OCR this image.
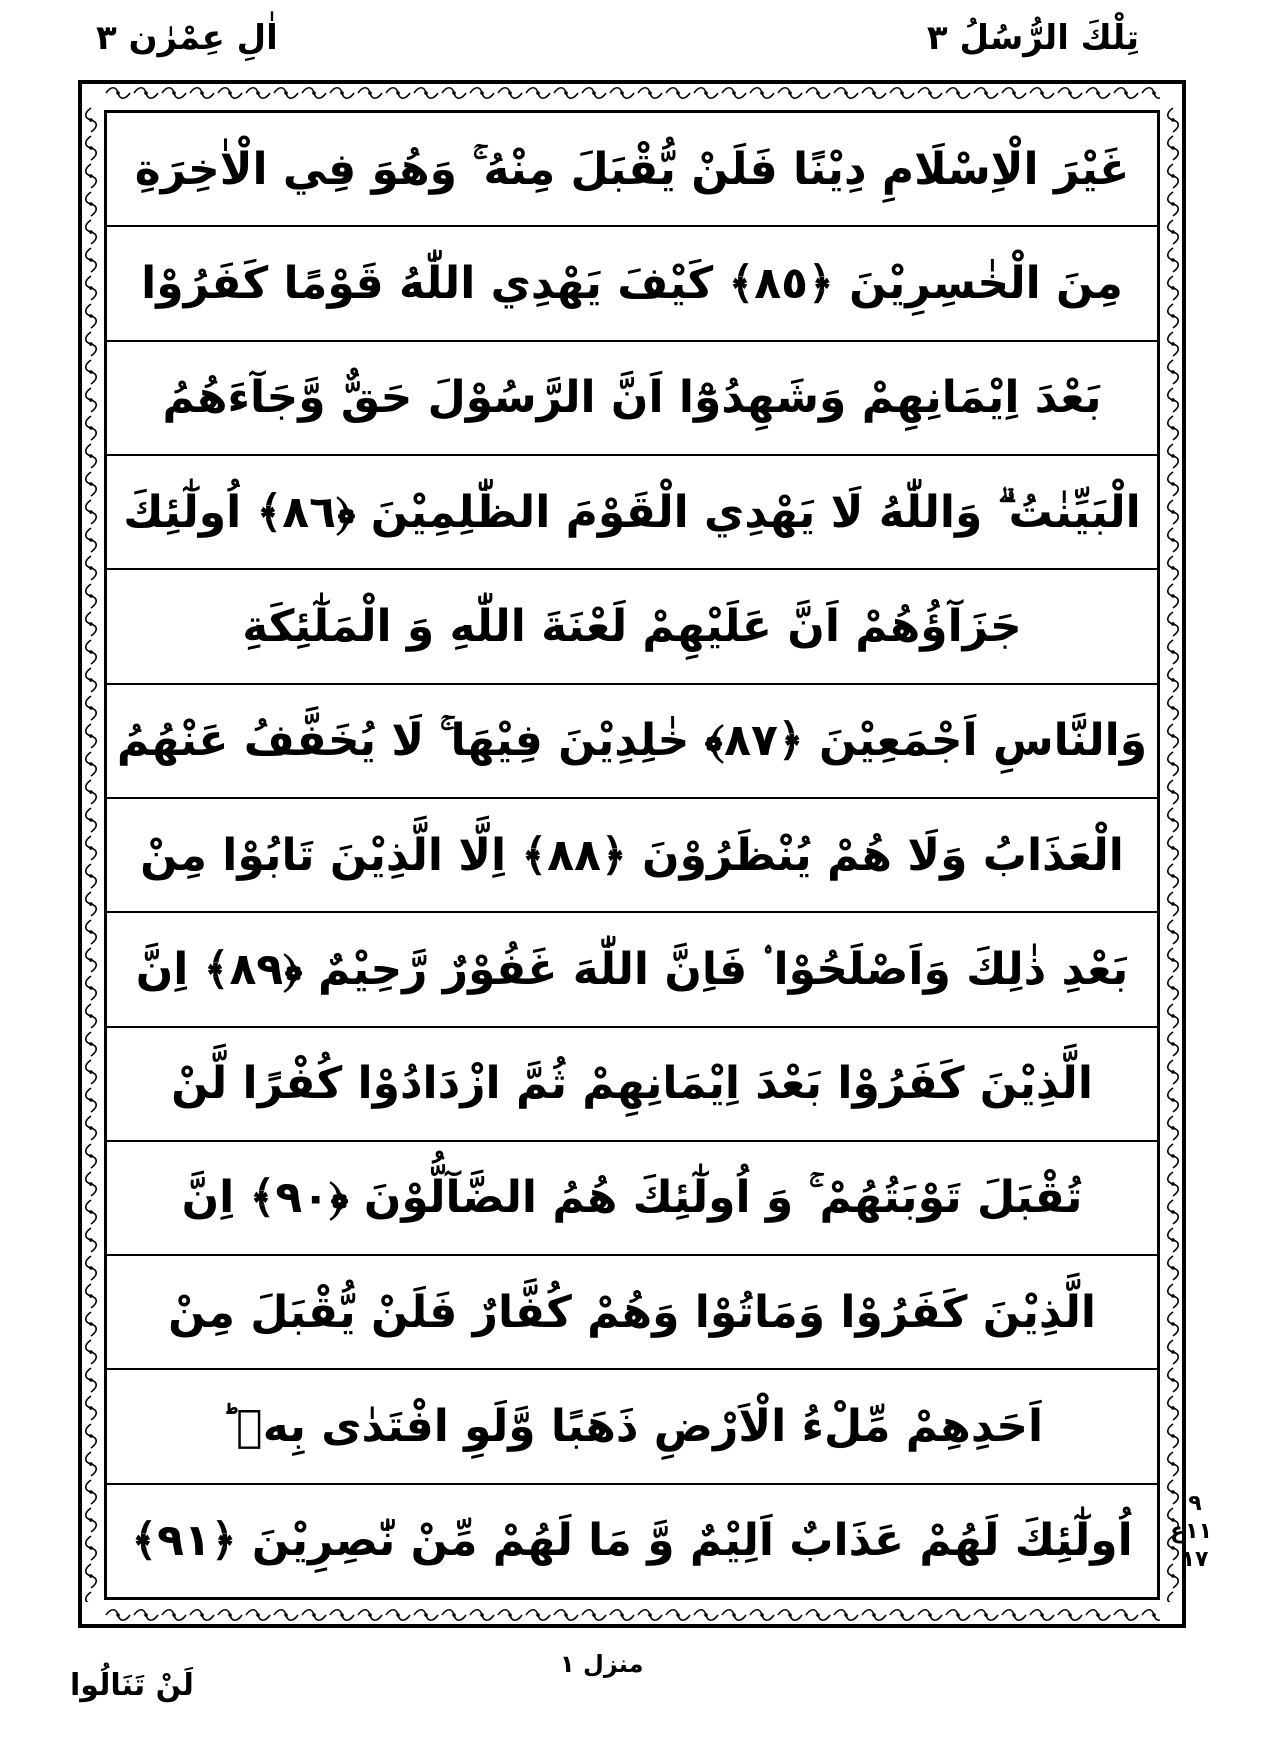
تِلْكَ الرُّسُلُ ٣
اٰلِ عِمْرٰن ٣
غَيْرَ الْاِسْلَامِ دِيْنًا فَلَنْ يُّقْبَلَ مِنْهُ ۚ وَهُوَ فِي الْاٰخِرَةِ
مِنَ الْخٰسِرِيْنَ ﴿٨٥﴾ كَيْفَ يَهْدِي اللّٰهُ قَوْمًا كَفَرُوْا
بَعْدَ اِيْمَانِهِمْ وَشَهِدُوْٓا اَنَّ الرَّسُوْلَ حَقٌّ وَّجَآءَهُمُ
الْبَيِّنٰتُ ۗ وَاللّٰهُ لَا يَهْدِي الْقَوْمَ الظّٰلِمِيْنَ ﴿٨٦﴾ اُولٰٓئِكَ
جَزَآؤُهُمْ اَنَّ عَلَيْهِمْ لَعْنَةَ اللّٰهِ وَ الْمَلٰٓئِكَةِ
وَالنَّاسِ اَجْمَعِيْنَ ﴿٨٧﴾ خٰلِدِيْنَ فِيْهَا ۚ لَا يُخَفَّفُ عَنْهُمُ
الْعَذَابُ وَلَا هُمْ يُنْظَرُوْنَ ﴿٨٨﴾ اِلَّا الَّذِيْنَ تَابُوْا مِنْ
بَعْدِ ذٰلِكَ وَاَصْلَحُوْا ۟ فَاِنَّ اللّٰهَ غَفُوْرٌ رَّحِيْمٌ ﴿٨٩﴾ اِنَّ
الَّذِيْنَ كَفَرُوْا بَعْدَ اِيْمَانِهِمْ ثُمَّ ازْدَادُوْا كُفْرًا لَّنْ
تُقْبَلَ تَوْبَتُهُمْ ۚ وَ اُولٰٓئِكَ هُمُ الضَّآلُّوْنَ ﴿٩٠﴾ اِنَّ
الَّذِيْنَ كَفَرُوْا وَمَاتُوْا وَهُمْ كُفَّارٌ فَلَنْ يُّقْبَلَ مِنْ
اَحَدِهِمْ مِّلْءُ الْاَرْضِ ذَهَبًا وَّلَوِ افْتَدٰى بِهٖ ؕ
اُولٰٓئِكَ لَهُمْ عَذَابٌ اَلِيْمٌ وَّ مَا لَهُمْ مِّنْ نّٰصِرِيْنَ ﴿٩١﴾
٩
١١ع
١٧
لَنْ تَنَالُوا
منزل ١
